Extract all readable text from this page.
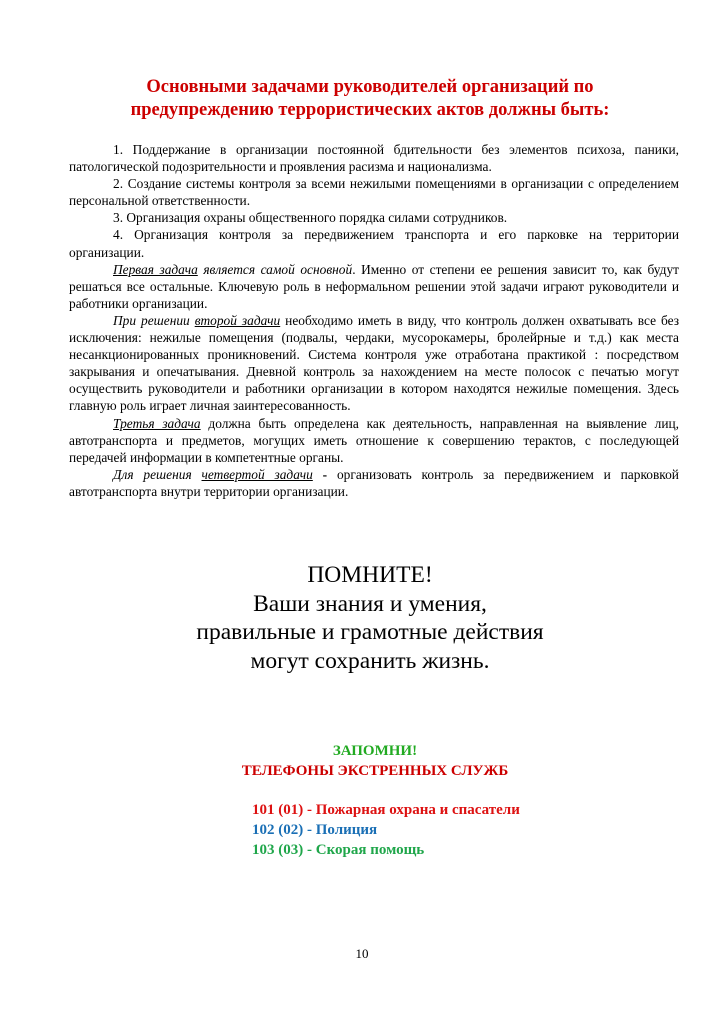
Основными задачами руководителей организаций по
предупреждению террористических актов должны быть:

1. Поддержание в организации постоянной бдительности без элементов психоза, паники, патологической подозрительности и проявления расизма и национализма.

2. Создание системы контроля за всеми нежилыми помещениями в организации с определением персональной ответственности.

3. Организация охраны общественного порядка силами сотрудников.

4. Организация контроля за передвижением транспорта и его парковке на территории организации.

Первая задача является самой основной. Именно от степени ее решения зависит то, как будут решаться все остальные. Ключевую роль в неформальном решении этой задачи играют руководители и работники организации.

При решении второй задачи необходимо иметь в виду, что контроль должен охватывать все без исключения: нежилые помещения (подвалы, чердаки, мусорокамеры, бролейрные и т.д.) как места несанкционированных проникновений. Система контроля уже отработана практикой : посредством закрывания и опечатывания. Дневной контроль за нахождением на месте полосок с печатью могут осуществить руководители и работники организации в котором находятся нежилые помещения. Здесь главную роль играет личная заинтересованность.

Третья задача должна быть определена как деятельность, направленная на выявление лиц, автотранспорта и предметов, могущих иметь отношение к совершению терактов, с последующей передачей информации в компетентные органы.

Для решения четвертой задачи - организовать контроль за передвижением и парковкой автотранспорта внутри территории организации.

ПОМНИТЕ!
Ваши знания и умения,
правильные и грамотные действия
могут сохранить жизнь.
ЗАПОМНИ!
ТЕЛЕФОНЫ ЭКСТРЕННЫХ СЛУЖБ
101 (01) - Пожарная охрана и спасатели
102 (02) - Полиция
103 (03) - Скорая помощь
10
